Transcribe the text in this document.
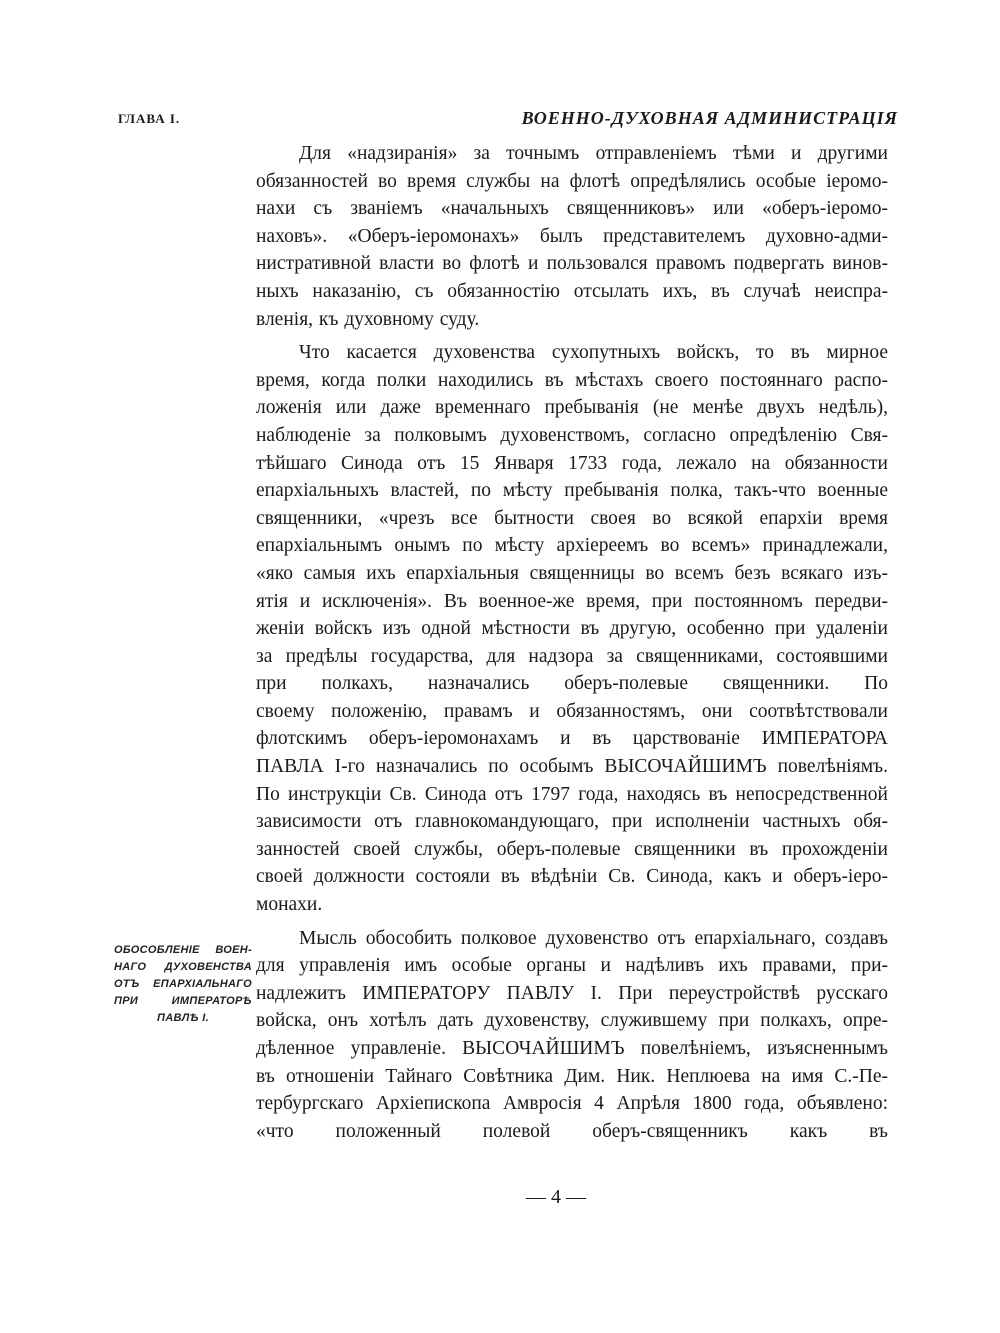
ГЛАВА I.	ВОЕННО-ДУХОВНАЯ АДМИНИСТРАЦІЯ
Для «надзиранія» за точнымъ отправленіемъ тѣми и другими
обязанностей во время службы на флотѣ опредѣлялись особые іеромо-
нахи съ званіемъ «начальныхъ священниковъ» или «оберъ-іеромо-
наховъ». «Оберъ-іеромонахъ» былъ представителемъ духовно-адми-
нистративной власти во флотѣ и пользовался правомъ подвергать винов-
ныхъ наказанію, съ обязанностію отсылать ихъ, въ случаѣ неиспра-
вленія, къ духовному суду.
Что касается духовенства сухопутныхъ войскъ, то въ мирное
время, когда полки находились въ мѣстахъ своего постояннаго распо-
ложенія или даже временнаго пребыванія (не менѣе двухъ недѣль),
наблюденіе за полковымъ духовенствомъ, согласно опредѣленію Свя-
тѣйшаго Синода отъ 15 Января 1733 года, лежало на обязанности
епархіальныхъ властей, по мѣсту пребыванія полка, такъ-что военные
священники, «чрезъ все бытности своея во всякой епархіи время
епархіальнымъ онымъ по мѣсту архіереемъ во всемъ» принадлежали,
«яко самыя ихъ епархіальныя священницы во всемъ безъ всякаго изъ-
ятія и исключенія». Въ военное-же время, при постоянномъ передви-
женіи войскъ изъ одной мѣстности въ другую, особенно при удаленіи
за предѣлы государства, для надзора за священниками, состоявшими
при полкахъ, назначались оберъ-полевые священники. По
своему положенію, правамъ и обязанностямъ, они соотвѣтствовали
флотскимъ оберъ-іеромонахамъ и въ царствованіе ИМПЕРАТОРА
ПАВЛА I-го назначались по особымъ ВЫСОЧАЙШИМЪ повелѣніямъ.
По инструкціи Св. Синода отъ 1797 года, находясь въ непосредственной
зависимости отъ главнокомандующаго, при исполненіи частныхъ обя-
занностей своей службы, оберъ-полевые священники въ прохожденіи
своей должности состояли въ вѣдѣніи Св. Синода, какъ и оберъ-іеро-
монахи.
Мысль обособить полковое духовенство отъ епархіальнаго, создавъ
для управленія имъ особые органы и надѣливъ ихъ правами, при-
надлежитъ ИМПЕРАТОРУ ПАВЛУ I. При переустройствѣ русскаго
войска, онъ хотѣлъ дать духовенству, служившему при полкахъ, опре-
дѣленное управленіе. ВЫСОЧАЙШИМЪ повелѣніемъ, изъясненнымъ
въ отношеніи Тайнаго Совѣтника Дим. Ник. Неплюева на имя С.-Пе-
тербургскаго Архіепископа Амвросія 4 Апрѣля 1800 года, объявлено:
«что положенный полевой оберъ-священникъ какъ въ
ОБОСОБЛЕНІЕ ВОЕН-
НАГО ДУХОВЕНСТВА
ОТЪ ЕПАРХІАЛЬНАГО
ПРИ ИМПЕРАТОРѢ
ПАВЛѢ I.
— 4 —
